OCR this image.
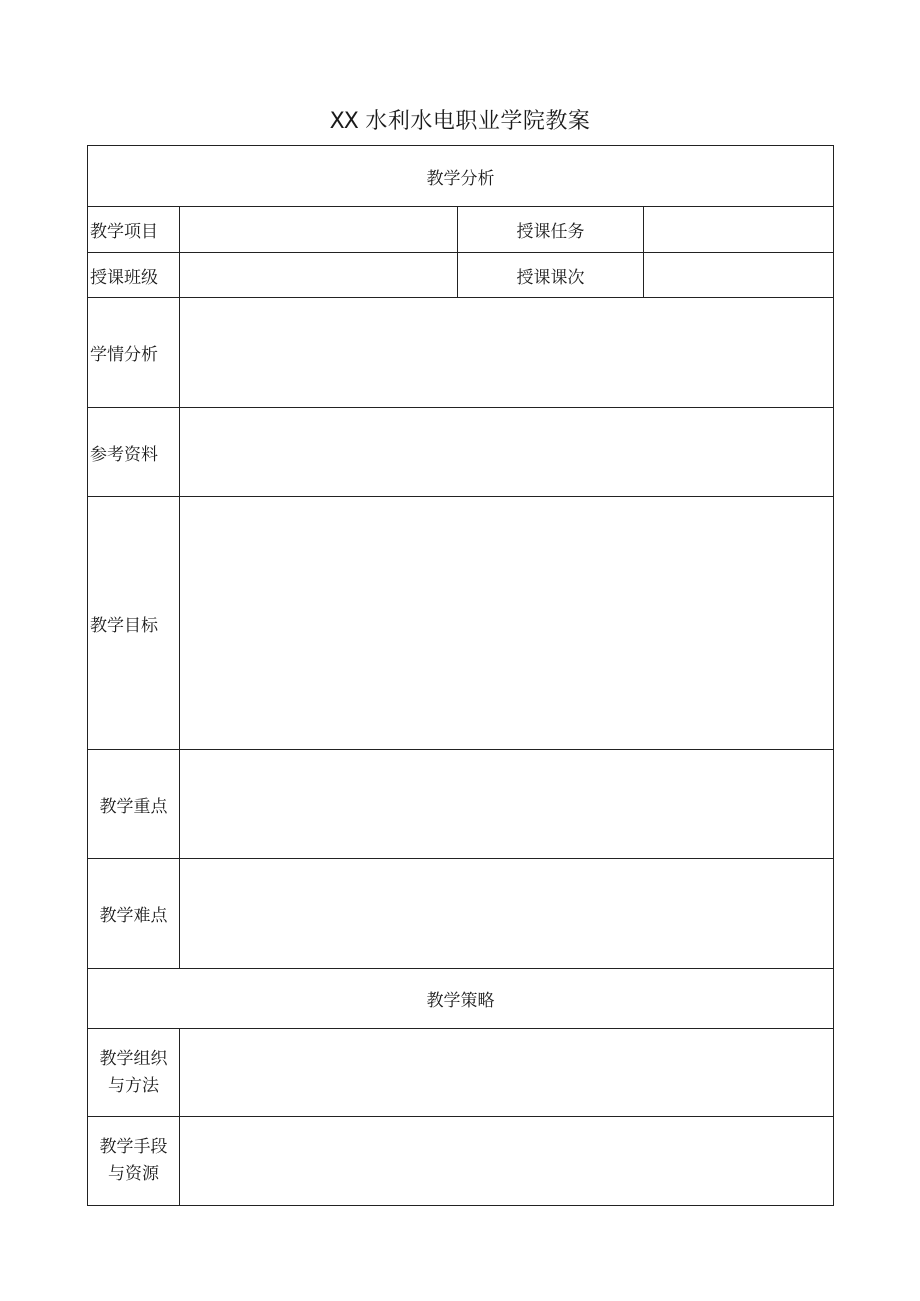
XX 水利水电职业学院教案
教学分析			
教学项目		授课任务	
授课班级		授课课次	
学情分析			
参考资料			
教学目标			
教学重点			
教学难点			
教学策略			

教学组织
与方法			

教学手段
与资源			
